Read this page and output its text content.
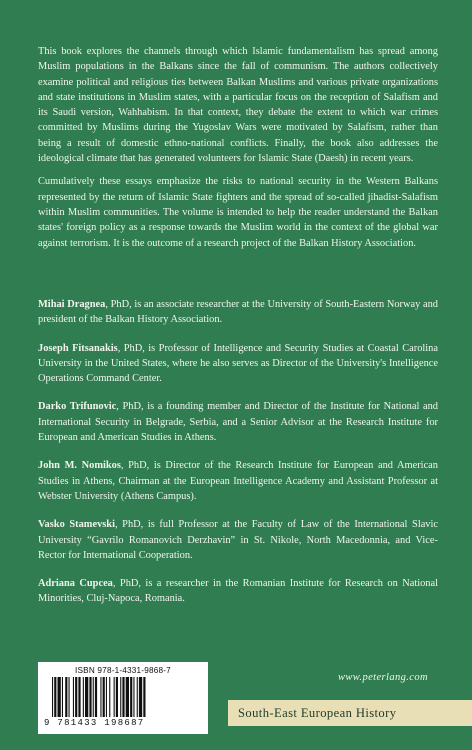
This book explores the channels through which Islamic fundamentalism has spread among Muslim populations in the Balkans since the fall of communism. The authors collectively examine political and religious ties between Balkan Muslims and various private organizations and state institutions in Muslim states, with a particular focus on the reception of Salafism and its Saudi version, Wahhabism. In that context, they debate the extent to which war crimes committed by Muslims during the Yugoslav Wars were motivated by Salafism, rather than being a result of domestic ethno-national conflicts. Finally, the book also addresses the ideological climate that has generated volunteers for Islamic State (Daesh) in recent years.

Cumulatively these essays emphasize the risks to national security in the Western Balkans represented by the return of Islamic State fighters and the spread of so-called jihadist-Salafism within Muslim communities. The volume is intended to help the reader understand the Balkan states' foreign policy as a response towards the Muslim world in the context of the global war against terrorism. It is the outcome of a research project of the Balkan History Association.

Mihai Dragnea, PhD, is an associate researcher at the University of South-Eastern Norway and president of the Balkan History Association.

Joseph Fitsanakis, PhD, is Professor of Intelligence and Security Studies at Coastal Carolina University in the United States, where he also serves as Director of the University's Intelligence Operations Command Center.

Darko Trifunovic, PhD, is a founding member and Director of the Institute for National and International Security in Belgrade, Serbia, and a Senior Advisor at the Research Institute for European and American Studies in Athens.

John M. Nomikos, PhD, is Director of the Research Institute for European and American Studies in Athens, Chairman at the European Intelligence Academy and Assistant Professor at Webster University (Athens Campus).

Vasko Stamevski, PhD, is full Professor at the Faculty of Law of the International Slavic University “Gavrilo Romanovich Derzhavin” in St. Nikole, North Macedonnia, and Vice-Rector for International Cooperation.

Adriana Cupcea, PhD, is a researcher in the Romanian Institute for Research on National Minorities, Cluj-Napoca, Romania.

ISBN 978-1-4331-9868-7
9 781433 198687
www.peterlang.com
South-East European History
